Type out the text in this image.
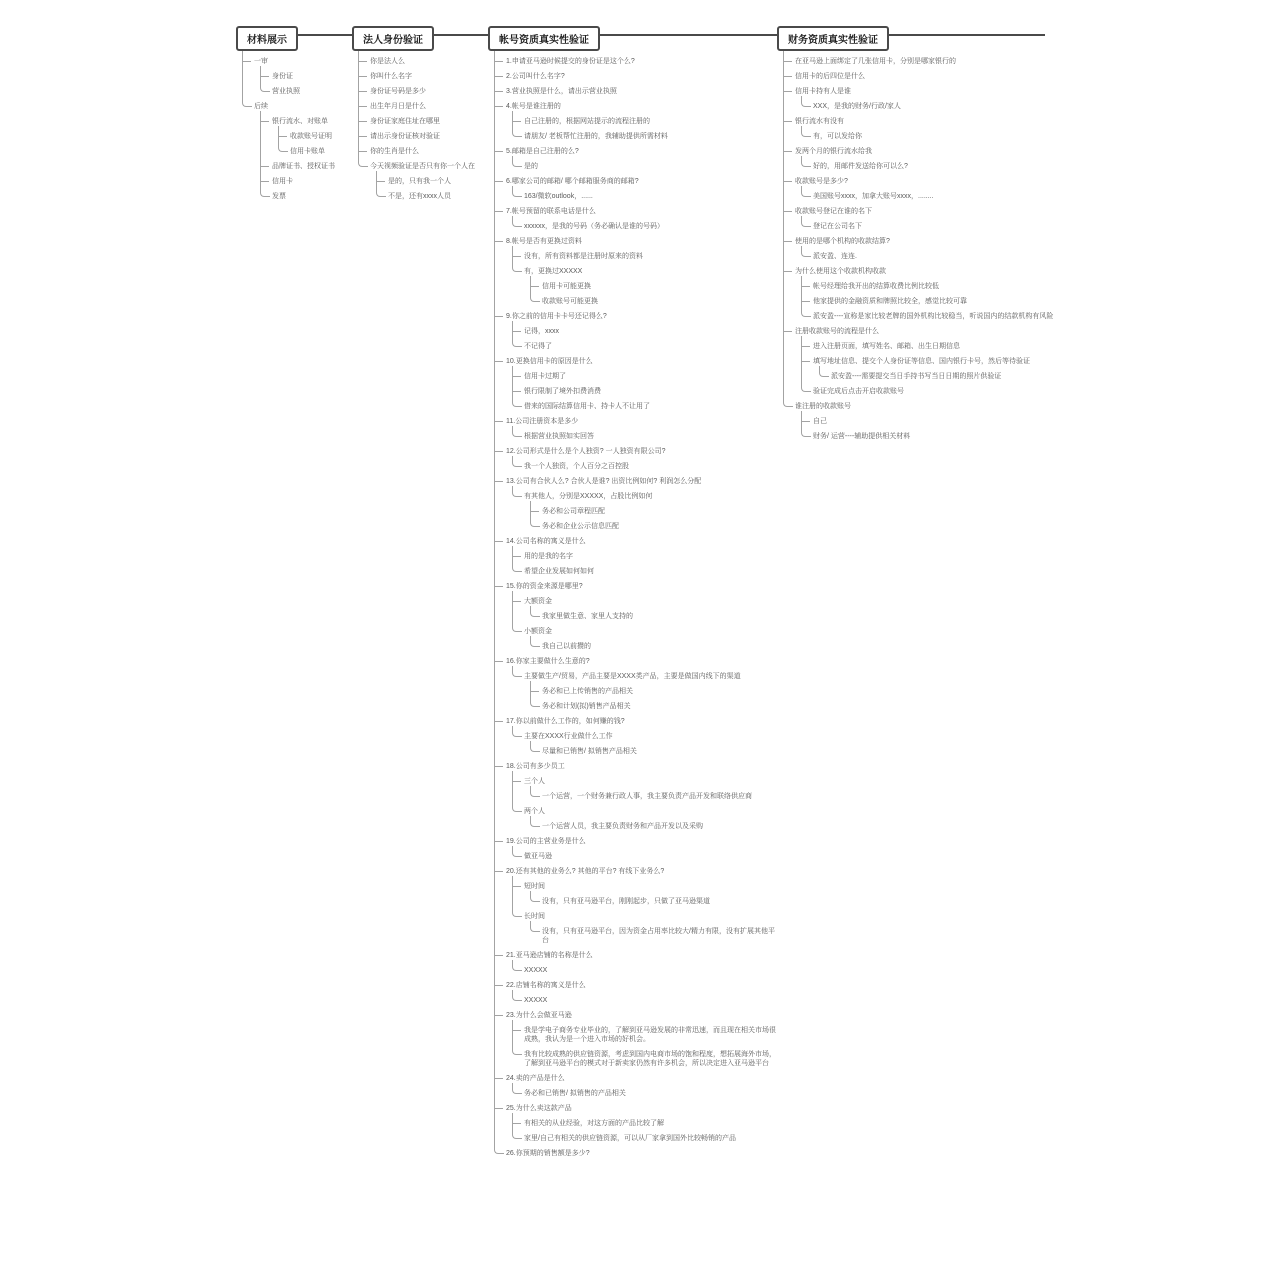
材料展示
一审
身份证
营业执照
后续
银行流水、对账单
收款账号证明
信用卡账单
品牌证书、授权证书
信用卡
发票
法人身份验证
你是法人么
你叫什么名字
身份证号码是多少
出生年月日是什么
身份证家庭住址在哪里
请出示身份证核对验证
你的生肖是什么
今天视频验证是否只有你一个人在
是的，只有我一个人
不是，还有xxxx人员
帐号资质真实性验证
1.申请亚马逊时候提交的身份证是这个么?
2.公司叫什么名字?
3.营业执照是什么，请出示营业执照
4.帐号是谁注册的
自己注册的，根据网站提示的流程注册的
请朋友/ 老板帮忙注册的，我辅助提供所需材料
5.邮箱是自己注册的么?
是的
6.哪家公司的邮箱/ 哪个邮箱服务商的邮箱?
163/微软outlook，......
7.帐号预留的联系电话是什么
xxxxxx，是我的号码（务必确认是谁的号码）
8.帐号是否有更换过资料
没有，所有资料都是注册时原来的资料
有，更换过XXXXX
信用卡可能更换
收款账号可能更换
9.你之前的信用卡卡号还记得么?
记得，xxxx
不记得了
10.更换信用卡的原因是什么
信用卡过期了
银行限制了境外扣费消费
借来的国际结算信用卡、持卡人不让用了
11.公司注册资本是多少
根据营业执照如实回答
12.公司形式是什么是个人独资? 一人独资有限公司?
我一个人独资，个人百分之百控股
13.公司有合伙人么? 合伙人是谁? 出资比例如何? 利润怎么分配
有其他人，分别是XXXXX，占股比例如何
务必和公司章程匹配
务必和企业公示信息匹配
14.公司名称的寓义是什么
用的是我的名字
希望企业发展如何如何
15.你的资金来源是哪里?
大额资金
我家里做生意、家里人支持的
小额资金
我自己以前攒的
16.你家主要做什么生意的?
主要做生产/贸易，产品主要是XXXX类产品，主要是做国内线下的渠道
务必和已上传销售的产品相关
务必和计划(拟)销售产品相关
17.你以前做什么工作的，如何赚的钱?
主要在XXXX行业做什么工作
尽量和已销售/ 拟销售产品相关
18.公司有多少员工
三个人
一个运营，一个财务兼行政人事，我主要负责产品开发和联络供应商
两个人
一个运营人员，我主要负责财务和产品开发以及采购
19.公司的主营业务是什么
做亚马逊
20.还有其他的业务么? 其他的平台? 有线下业务么?
短时间
没有，只有亚马逊平台，刚刚起步，只做了亚马逊渠道
长时间
没有，只有亚马逊平台，因为资金占用率比较大/精力有限，没有扩展其他平台
21.亚马逊店铺的名称是什么
XXXXX
22.店铺名称的寓义是什么
XXXXX
23.为什么会做亚马逊
我是学电子商务专业毕业的，了解到亚马逊发展的非常迅速，而且现在相关市场很成熟，我认为是一个进入市场的好机会。
我有比较成熟的供应链资源，考虑到国内电商市场的饱和程度，想拓展海外市场，了解到亚马逊平台的模式对于新卖家仍然有许多机会，所以决定进入亚马逊平台
24.卖的产品是什么
务必和已销售/ 拟销售的产品相关
25.为什么卖这款产品
有相关的从业经验，对这方面的产品比较了解
家里/自己有相关的供应链资源，可以从厂家拿到国外比较畅销的产品
26.你预期的销售额是多少?
财务资质真实性验证
在亚马逊上面绑定了几张信用卡，分别是哪家银行的
信用卡的后四位是什么
信用卡持有人是谁
XXX，是我的财务/行政/家人
银行流水有没有
有，可以发给你
发两个月的银行流水给我
好的，用邮件发送给你可以么?
收款账号是多少?
美国账号xxxx，加拿大账号xxxx，........
收款账号登记在谁的名下
登记在公司名下
使用的是哪个机构的收款结算?
派安盈、连连.
为什么使用这个收款机构收款
帐号经理给我开出的结算收费比例比较低
他家提供的金融资质和牌照比较全，感觉比较可靠
派安盈----宣称是家比较老牌的国外机构比较稳当，听说国内的结款机构有风险
注册收款账号的流程是什么
进入注册页面，填写姓名、邮箱、出生日期信息
填写地址信息、提交个人身份证等信息、国内银行卡号，然后等待验证
派安盈----需要提交当日手持书写当日日期的照片供验证
验证完成后点击开启收款账号
谁注册的收款账号
自己
财务/ 运营----辅助提供相关材料
